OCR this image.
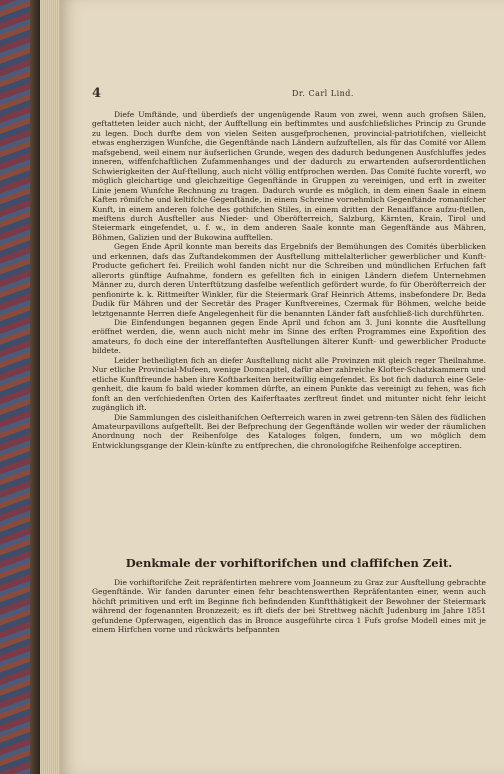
4	Dr. Carl Lind.

Diefe Umftände, und überdiefs der ungenügende Raum von zwei, wenn auch grofsen Sälen, geftatteten leider auch nicht, der Aufftellung ein beftimmtes und ausfchliefsliches Princip zu Grunde zu legen. Doch durfte dem von vielen Seiten ausgefprochenen, provincial-patriotifchen, vielleicht etwas engherzigen Wunfche, die Gegenftände nach Ländern aufzuftellen, als für das Comité vor Allem mafsgebend, weil einem nur äufserlichen Grunde, wegen des dadurch bedungenen Ausfchluffes jedes inneren, wiffenfchaftlichen Zufammenhanges und der dadurch zu erwartenden aufserordentlichen Schwierigkeiten der Auf-ftellung, auch nicht völlig entfprochen werden. Das Comité fuchte vorerft, wo möglich gleichartige und gleichzeitige Gegenftände in Gruppen zu vereinigen, und erft in zweiter Linie jenem Wunfche Rechnung zu tragen. Dadurch wurde es möglich, in dem einen Saale in einem Kaften römifche und keltifche Gegenftände, in einem Schreine vornehmlich Gegenftände romanifcher Kunft, in einem anderen folche des gothifchen Stiles, in einem dritten der Renaiffance aufzu-ftellen, meiftens durch Ausfteller aus Nieder- und Oberöfterreich, Salzburg, Kärnten, Krain, Tirol und Steiermark eingefendet, u. f. w., in dem anderen Saale konnte man Gegenftände aus Mähren, Böhmen, Galizien und der Bukowina aufftellen.

Gegen Ende April konnte man bereits das Ergebnifs der Bemühungen des Comités überblicken und erkennen, dafs das Zuftandekommen der Ausftellung mittelalterlicher gewerblicher und Kunft-Producte gefichert fei. Freilich wohl fanden nicht nur die Schreiben und mündlichen Erfuchen faft allerorts günftige Aufnahme, fondern es gefellten fich in einigen Ländern diefem Unternehmen Männer zu, durch deren Unterftützung dasfelbe wefentlich gefördert wurde, fo für Oberöfterreich der penfionirte k. k. Rittmeifter Winkler, für die Steiermark Graf Heinrich Attems, insbefondere Dr. Beda Dudik für Mähren und der Secretär des Prager Kunftvereines, Czermak für Böhmen, welche beide letztgenannte Herren diefe Angelegenheit für die benannten Länder faft ausfchließ-lich durchführten.

Die Einfendungen begannen gegen Ende April und fchon am 3. Juni konnte die Ausftellung eröffnet werden, die, wenn auch nicht mehr im Sinne des erften Programmes eine Expofition des amateurs, fo doch eine der intereffanteften Ausftellungen älterer Kunft- und gewerblicher Producte bildete.

Leider betheiligten fich an diefer Ausftellung nicht alle Provinzen mit gleich reger Theilnahme. Nur etliche Provincial-Mufeen, wenige Domcapitel, dafür aber zahlreiche Klofter-Schatzkammern und etliche Kunftfreunde haben ihre Koftbarkeiten bereitwillig eingefendet. Es bot fich dadurch eine Gele-genheit, die kaum fo bald wieder kommen dürfte, an einem Punkte das vereinigt zu fehen, was fich fonft an den verfchiedenften Orten des Kaiferftaates zerftreut findet und mitunter nicht fehr leicht zugänglich ift.

Die Sammlungen des cisleithanifchen Oefterreich waren in zwei getrenn-ten Sälen des füdlichen Amateurpavillons aufgeftellt. Bei der Befprechung der Gegenftände wollen wir weder der räumlichen Anordnung noch der Reihenfolge des Kataloges folgen, fondern, um wo möglich dem Entwicklungsgange der Klein-künfte zu entfprechen, die chronologifche Reihenfolge acceptiren.

Denkmale der vorhiftorifchen und claffifchen Zeit.

Die vorhiftorifche Zeit repräfentirten mehrere vom Joanneum zu Graz zur Ausftellung gebrachte Gegenftände. Wir fanden darunter einen fehr beachtenswerthen Repräfentanten einer, wenn auch höchft primitiven und erft im Beginne fich befindenden Kunftthätigkeit der Bewohner der Steiermark während der fogenannten Bronzezeit; es ift diefs der bei Strettweg nächft Judenburg im Jahre 1851 gefundene Opferwagen, eigentlich das in Bronce ausgeführte circa 1 Fufs grofse Modell eines mit je einem Hirfchen vorne und rückwärts befpannten
